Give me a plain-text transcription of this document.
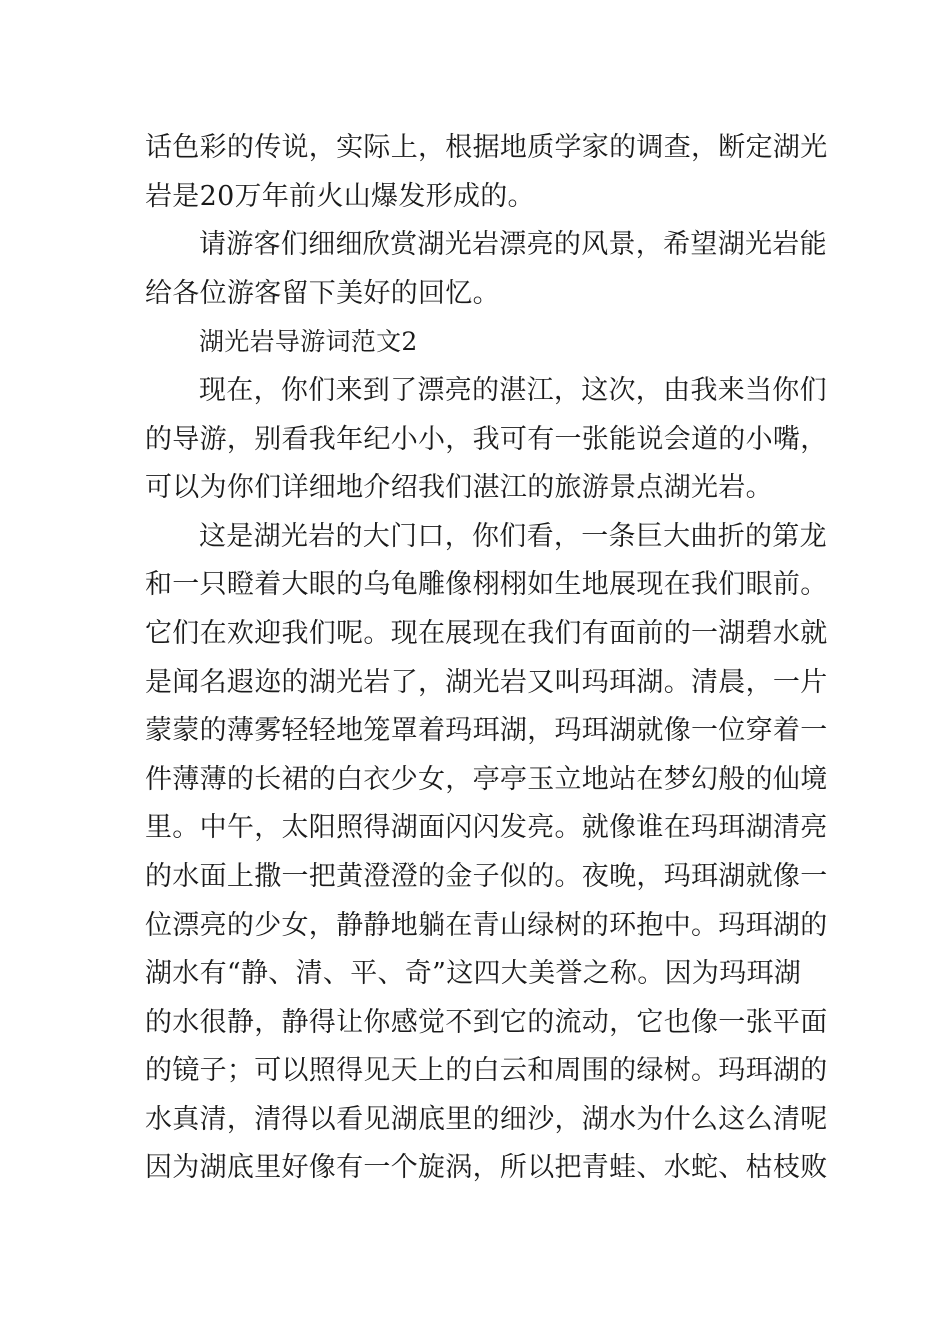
话色彩的传说，实际上，根据地质学家的调查，断定湖光
岩是20万年前火山爆发形成的。
请游客们细细欣赏湖光岩漂亮的风景，希望湖光岩能
给各位游客留下美好的回忆。
湖光岩导游词范文2
现在，你们来到了漂亮的湛江，这次，由我来当你们
的导游，别看我年纪小小，我可有一张能说会道的小嘴，
可以为你们详细地介绍我们湛江的旅游景点湖光岩。
这是湖光岩的大门口，你们看，一条巨大曲折的第龙
和一只瞪着大眼的乌龟雕像栩栩如生地展现在我们眼前。
它们在欢迎我们呢。现在展现在我们有面前的一湖碧水就
是闻名遐迩的湖光岩了，湖光岩又叫玛珥湖。清晨，一片
蒙蒙的薄雾轻轻地笼罩着玛珥湖，玛珥湖就像一位穿着一
件薄薄的长裙的白衣少女，亭亭玉立地站在梦幻般的仙境
里。中午，太阳照得湖面闪闪发亮。就像谁在玛珥湖清亮
的水面上撒一把黄澄澄的金子似的。夜晚，玛珥湖就像一
位漂亮的少女，静静地躺在青山绿树的环抱中。玛珥湖的
湖水有“静、清、平、奇”这四大美誉之称。因为玛珥湖
的水很静，静得让你感觉不到它的流动，它也像一张平面
的镜子；可以照得见天上的白云和周围的绿树。玛珥湖的
水真清，清得以看见湖底里的细沙，湖水为什么这么清呢
因为湖底里好像有一个旋涡，所以把青蛙、水蛇、枯枝败
